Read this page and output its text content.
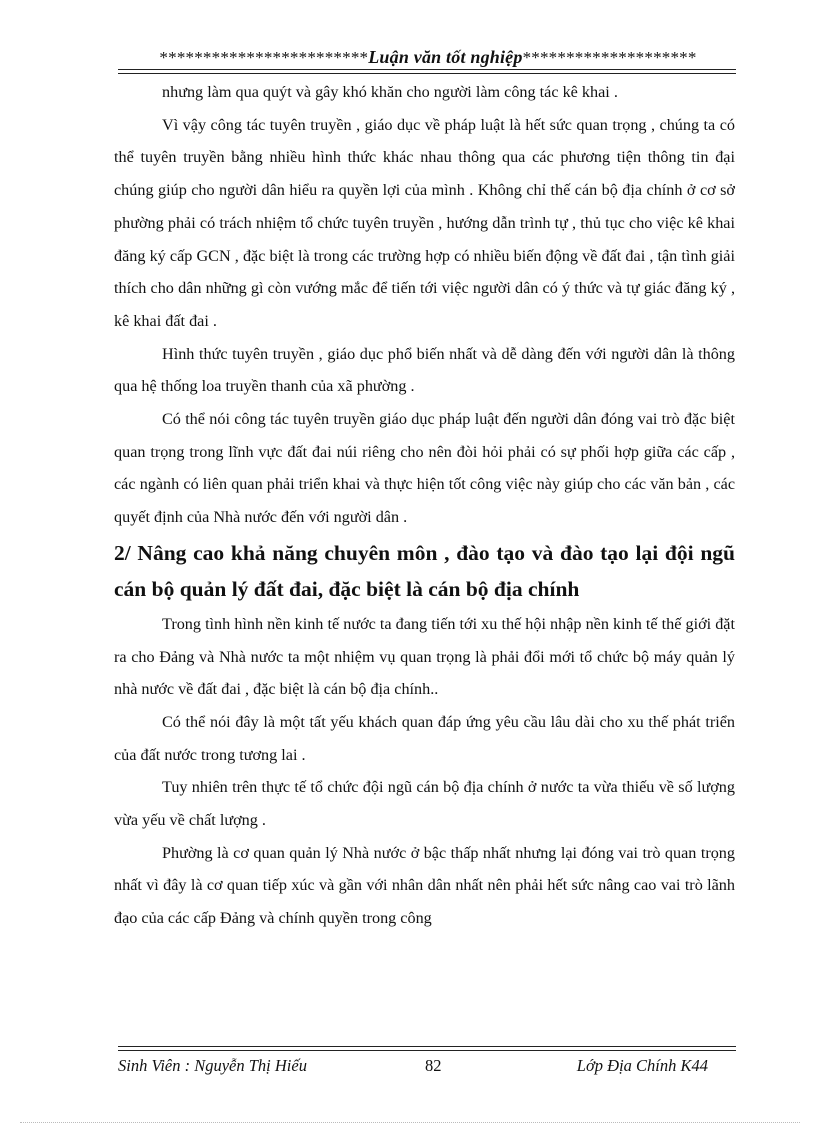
************************Luận văn tốt nghiệp********************

nhưng làm qua quýt và gây khó khăn cho người làm công tác kê khai .

Vì vậy công tác tuyên truyền , giáo dục về pháp luật là hết sức quan trọng , chúng ta có thể tuyên truyền bằng nhiều hình thức khác nhau thông qua các phương tiện thông tin đại chúng giúp cho người dân hiểu ra quyền lợi của mình . Không chỉ thế cán bộ địa chính ở cơ sở phường phải có trách nhiệm tổ chức tuyên truyền , hướng dẫn trình tự , thủ tục cho việc kê khai đăng ký cấp GCN , đặc biệt là trong các trường hợp có nhiều biến động về đất đai , tận tình giải thích cho dân những gì còn vướng mắc để tiến tới việc người dân có ý thức và tự giác đăng ký , kê khai đất đai .

Hình thức tuyên truyền , giáo dục phổ biến nhất và dễ dàng đến với người dân là thông qua hệ thống loa truyền thanh của xã phường .

Có thể nói công tác tuyên truyền giáo dục pháp luật đến người dân đóng vai trò đặc biệt quan trọng trong lĩnh vực đất đai núi riêng cho nên đòi hỏi phải có sự phối hợp giữa các cấp , các ngành có liên quan phải triển khai và thực hiện tốt công việc này giúp cho các văn bản , các quyết định của Nhà nước đến với người dân .

2/ Nâng cao khả năng chuyên môn , đào tạo và đào tạo lại đội ngũ cán bộ quản lý đất đai, đặc biệt là cán bộ địa chính

Trong tình hình nền kinh tế nước ta đang tiến tới xu thế hội nhập nền kinh tế thế giới đặt ra cho Đảng và Nhà nước ta một nhiệm vụ quan trọng là phải đổi mới tổ chức bộ máy quản lý nhà nước về đất đai , đặc biệt là cán bộ địa chính..

Có thể nói đây là một tất yếu khách quan đáp ứng yêu cầu lâu dài cho xu thế phát triển của đất nước trong tương lai .

Tuy nhiên trên thực tế tổ chức đội ngũ cán bộ địa chính ở nước ta vừa thiếu về số lượng vừa yếu về chất lượng .

Phường là cơ quan quản lý Nhà nước ở bậc thấp nhất nhưng lại đóng vai trò quan trọng nhất vì đây là cơ quan tiếp xúc và gần với nhân dân nhất nên phải hết sức nâng cao vai trò lãnh đạo của các cấp Đảng và chính quyền trong công

Sinh Viên : Nguyễn Thị Hiếu	82	Lớp Địa Chính K44
